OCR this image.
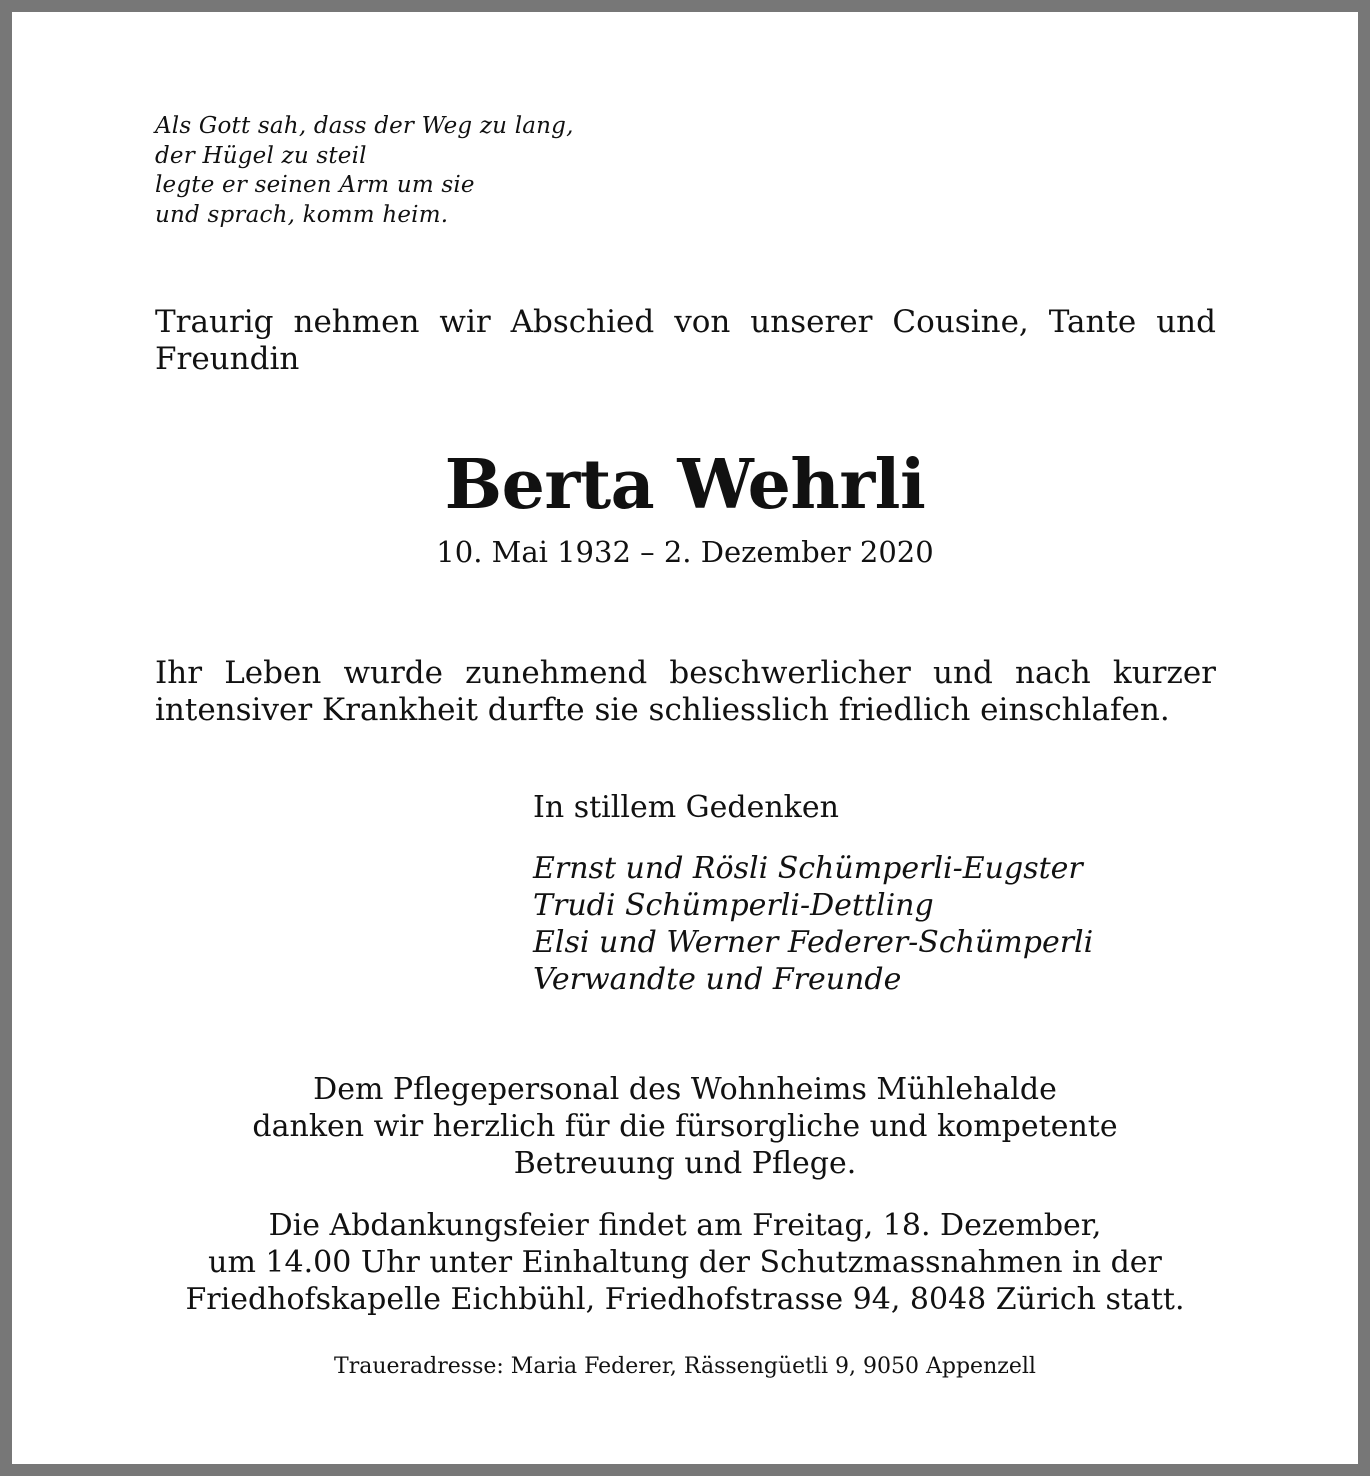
Als Gott sah, dass der Weg zu lang,
der Hügel zu steil
legte er seinen Arm um sie
und sprach, komm heim.
Traurig nehmen wir Abschied von unserer Cousine, Tante und Freundin
Berta Wehrli
10. Mai 1932 – 2. Dezember 2020
Ihr Leben wurde zunehmend beschwerlicher und nach kurzer intensiver Krankheit durfte sie schliesslich friedlich einschlafen.
In stillem Gedenken
Ernst und Rösli Schümperli-Eugster
Trudi Schümperli-Dettling
Elsi und Werner Federer-Schümperli
Verwandte und Freunde
Dem Pflegepersonal des Wohnheims Mühlehalde
danken wir herzlich für die fürsorgliche und kompetente
Betreuung und Pflege.
Die Abdankungsfeier findet am Freitag, 18. Dezember,
um 14.00 Uhr unter Einhaltung der Schutzmassnahmen in der
Friedhofskapelle Eichbühl, Friedhofstrasse 94, 8048 Zürich statt.
Traueradresse: Maria Federer, Rässengüetli 9, 9050 Appenzell
